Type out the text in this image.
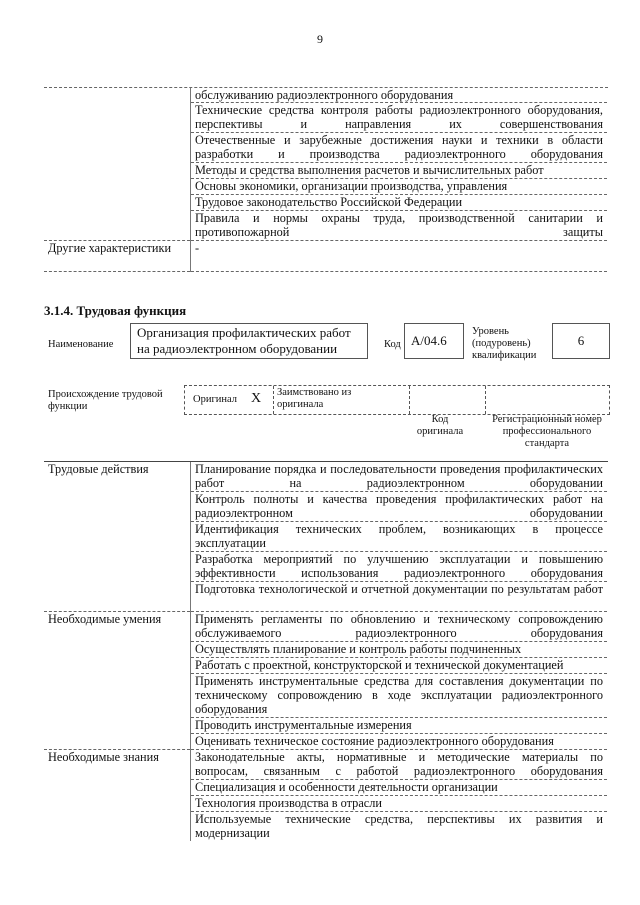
9
	обслуживанию радиоэлектронного оборудования
	Технические средства контроля работы радиоэлектронного оборудования, перспективы и направления их совершенствования
	Отечественные и зарубежные достижения науки и техники в области разработки и производства радиоэлектронного оборудования
	Методы и средства выполнения расчетов и вычислительных работ
	Основы экономики, организации производства, управления
	Трудовое законодательство Российской Федерации
	Правила и нормы охраны труда, производственной санитарии и противопожарной защиты
Другие характеристики	-
3.1.4. Трудовая функция
Наименование
Организация профилактических работ на радиоэлектронном оборудовании	Код A/04.6
Уровень (подуровень) квалификации
6
Происхождение трудовой функции
Оригинал X Заимствовано из оригинала
Код оригинала
Регистрационный номер профессионального стандарта
Трудовые действия	Планирование порядка и последовательности проведения профилактических работ на радиоэлектронном оборудовании
	Контроль полноты и качества проведения профилактических работ на радиоэлектронном оборудовании
	Идентификация технических проблем, возникающих в процессе эксплуатации
	Разработка мероприятий по улучшению эксплуатации и повышению эффективности использования радиоэлектронного оборудования
	Подготовка технологической и отчетной документации по результатам работ
Необходимые умения	Применять регламенты по обновлению и техническому сопровождению обслуживаемого радиоэлектронного оборудования
	Осуществлять планирование и контроль работы подчиненных
	Работать с проектной, конструкторской и технической документацией
	Применять инструментальные средства для составления документации по техническому сопровождению в ходе эксплуатации радиоэлектронного оборудования
	Проводить инструментальные измерения
	Оценивать техническое состояние радиоэлектронного оборудования
Необходимые знания	Законодательные акты, нормативные и методические материалы по вопросам, связанным с работой радиоэлектронного оборудования
	Специализация и особенности деятельности организации
	Технология производства в отрасли
	Используемые технические средства, перспективы их развития и модернизации
